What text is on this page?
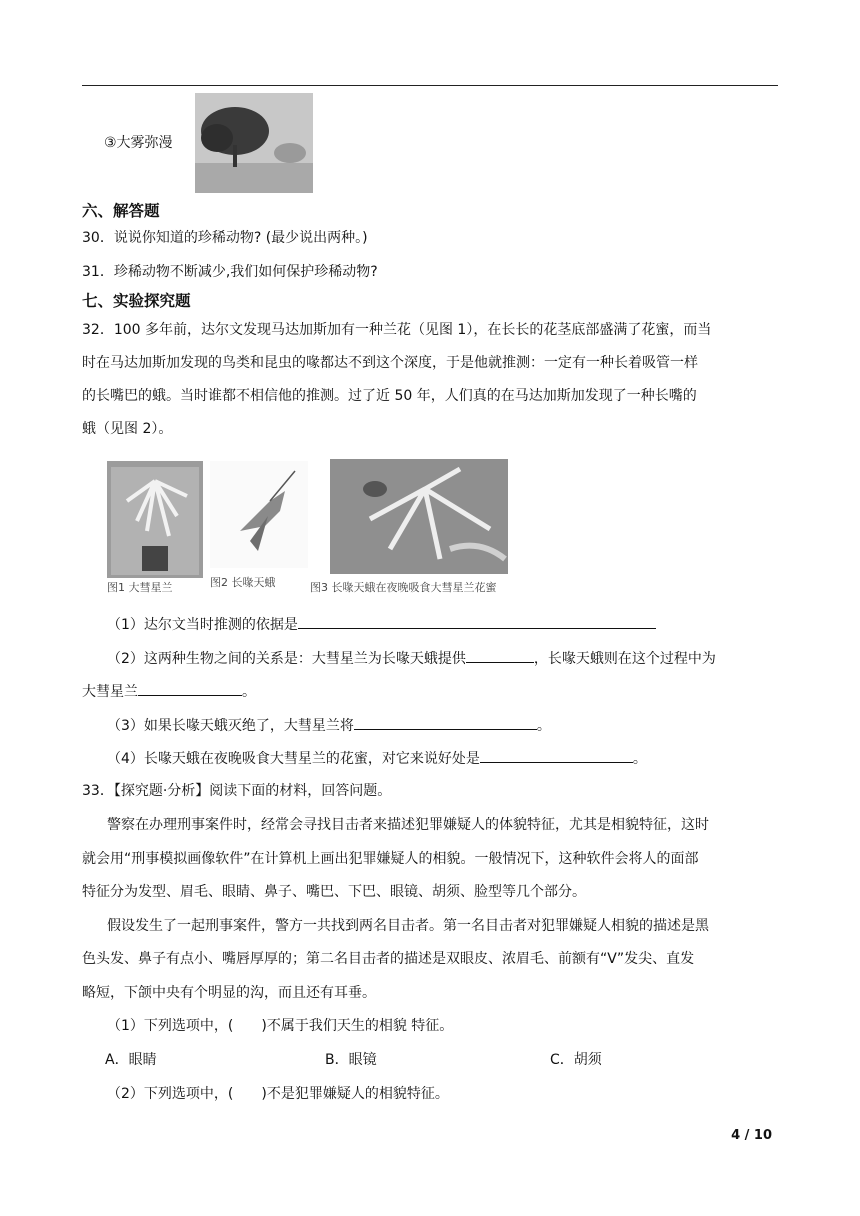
③大雾弥漫
六、解答题
30．说说你知道的珍稀动物? (最少说出两种。)
31．珍稀动物不断减少,我们如何保护珍稀动物?
七、实验探究题
32．100 多年前，达尔文发现马达加斯加有一种兰花（见图 1），在长长的花茎底部盛满了花蜜，而当
时在马达加斯加发现的鸟类和昆虫的喙都达不到这个深度，于是他就推测：一定有一种长着吸管一样
的长嘴巴的蛾。当时谁都不相信他的推测。过了近 50 年，人们真的在马达加斯加发现了一种长嘴的
蛾（见图 2）。
图1 大彗星兰	图2 长喙天蛾	图3 长喙天蛾在夜晚吸食大彗星兰花蜜
（1）达尔文当时推测的依据是
（2）这两种生物之间的关系是：大彗星兰为长喙天蛾提供	，长喙天蛾则在这个过程中为
大彗星兰	。
（3）如果长喙天蛾灭绝了，大彗星兰将	。
（4）长喙天蛾在夜晚吸食大彗星兰的花蜜，对它来说好处是	。
33．【探究题·分析】阅读下面的材料，回答问题。
警察在办理刑事案件时，经常会寻找目击者来描述犯罪嫌疑人的体貌特征，尤其是相貌特征，这时
就会用“刑事模拟画像软件”在计算机上画出犯罪嫌疑人的相貌。一般情况下，这种软件会将人的面部
特征分为发型、眉毛、眼睛、鼻子、嘴巴、下巴、眼镜、胡须、脸型等几个部分。
假设发生了一起刑事案件，警方一共找到两名目击者。第一名目击者对犯罪嫌疑人相貌的描述是黑
色头发、鼻子有点小、嘴唇厚厚的；第二名目击者的描述是双眼皮、浓眉毛、前额有“V”发尖、直发
略短，下颌中央有个明显的沟，而且还有耳垂。
（1）下列选项中，(　　)不属于我们天生的相貌 特征。
A．眼睛	B．眼镜	C．胡须
（2）下列选项中，(　　)不是犯罪嫌疑人的相貌特征。
4 / 10
